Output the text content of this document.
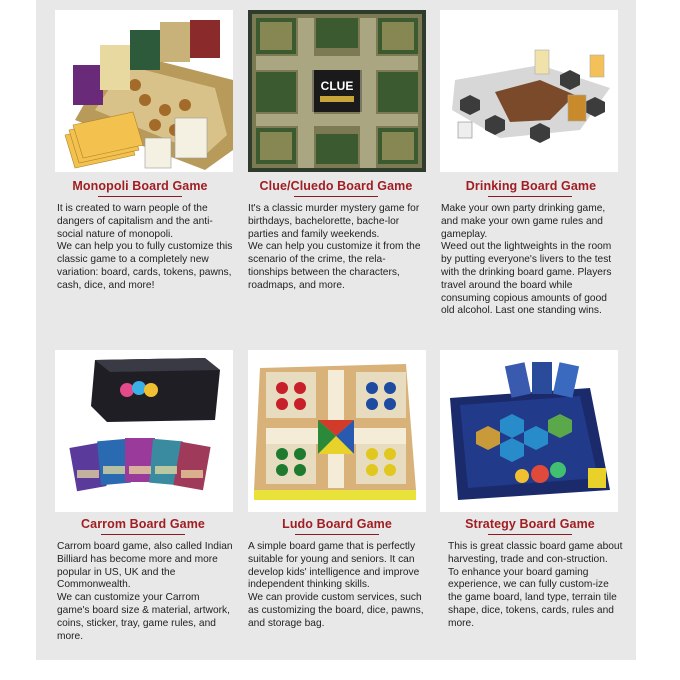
Monopoli Board Game
It is created to warn people of the dangers of capitalism and the anti-social nature of monopoli.
We can help you to fully customize this classic game to a completely new variation: board, cards, tokens, pawns, cash, dice, and more!
CLUE
Clue/Cluedo Board Game
It's a classic murder mystery game for birthdays, bachelorette, bache-lor parties and family weekends.
We can help you customize it from the scenario of the crime, the rela-tionships between the characters, roadmaps, and more.
Drinking Board Game
Make your own party drinking game, and make your own game rules and gameplay.
Weed out the lightweights in the room by putting everyone's livers to the test with the drinking board game. Players travel around the board while consuming copious amounts of good old alcohol. Last one standing wins.
Carrom Board Game
Carrom board game, also called Indian Billiard has become more and more popular in US, UK and the Commonwealth.
We can customize your Carrom game's board size & material, artwork, coins, sticker, tray, game rules, and more.
Ludo Board Game
A simple board game that is perfectly suitable for young and seniors. It can develop kids' intelligence and improve independent thinking skills.
We can provide custom services, such as customizing the board, dice, pawns, and storage bag.
Strategy Board Game
This is great classic board game about harvesting, trade and con-struction.
To enhance your board gaming experience, we can fully custom-ize the game board, land type, terrain tile shape, dice, tokens, cards, rules and more.
